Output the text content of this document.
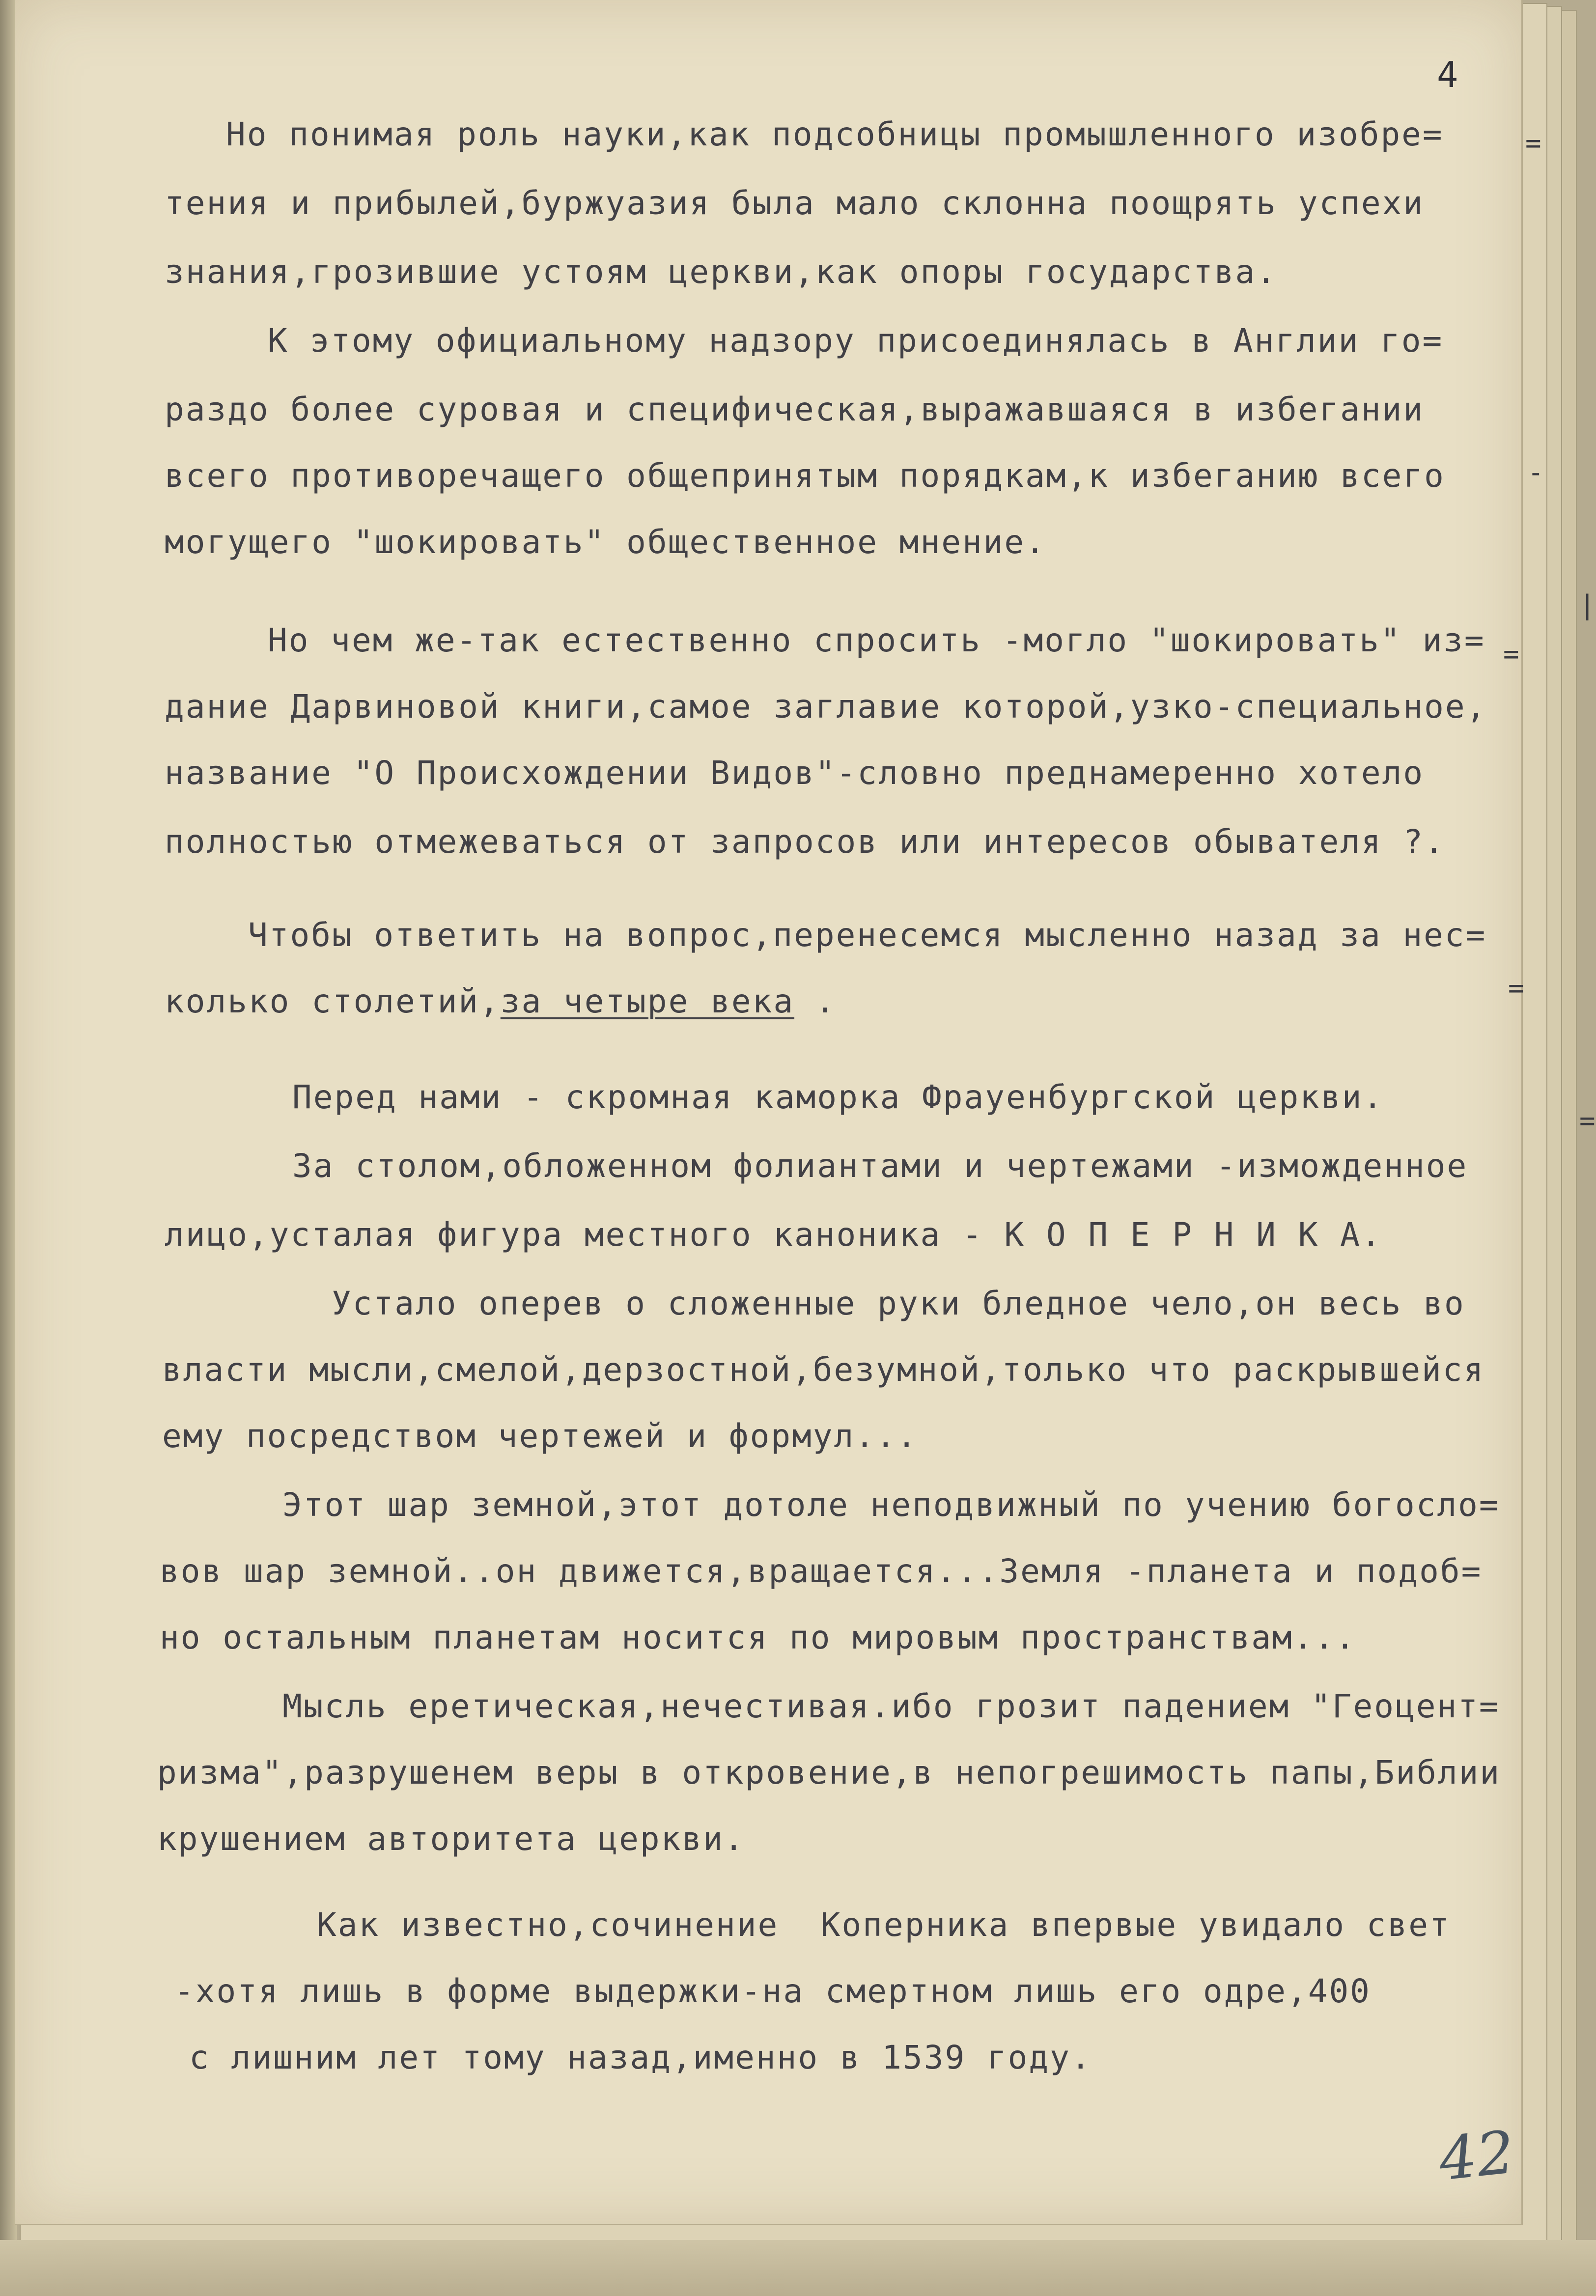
4

Но понимая роль науки,как подсобницы промышленного изобре=

тения и прибылей,буржуазия была мало склонна поощрять успехи

знания,грозившие устоям церкви,как опоры государства.

К этому официальному надзору присоединялась в Англии го=

раздо более суровая и специфическая,выражавшаяся в избегании

всего противоречащего общепринятым порядкам,к избеганию всего

могущего "шокировать" общественное мнение.

Но чем же-так естественно спросить -могло "шокировать" из=

дание Дарвиновой книги,самое заглавие которой,узко-специальное,

название "О Происхождении Видов"-словно преднамеренно хотело

полностью отмежеваться от запросов или интересов обывателя ?.

Чтобы ответить на вопрос,перенесемся мысленно назад за нес=

колько столетий,за четыре века .

Перед нами - скромная каморка Фрауенбургской церкви.

За столом,обложенном фолиантами и чертежами -изможденное

лицо,усталая фигура местного каноника - К О П Е Р Н И К А.

Устало оперев о сложенные руки бледное чело,он весь во

власти мысли,смелой,дерзостной,безумной,только что раскрывшейся

ему посредством чертежей и формул...

Этот шар земной,этот дотоле неподвижный по учению богосло=

вов шар земной..он движется,вращается...Земля -планета и подоб=

но остальным планетам носится по мировым пространствам...

Мысль еретическая,нечестивая.ибо грозит падением "Геоцент=

ризма",разрушенем веры в откровение,в непогрешимость папы,Библии

крушением авторитета церкви.

Как известно,сочинение  Коперника впервые увидало свет

-хотя лишь в форме выдержки-на смертном лишь его одре,400

с лишним лет тому назад,именно в 1539 году.

42

=

-

|

=

=

=
